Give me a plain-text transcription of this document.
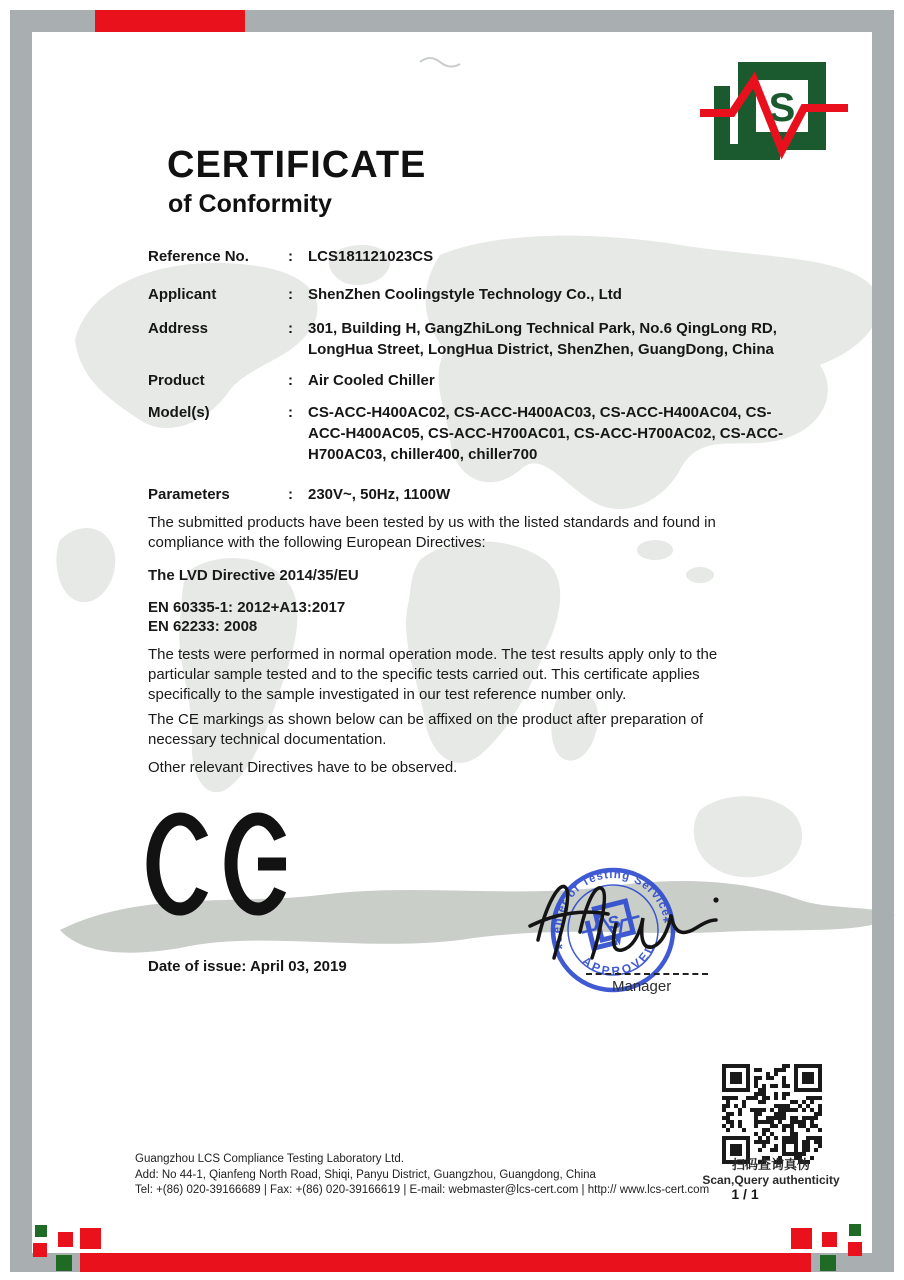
S
CERTIFICATE
of Conformity
Reference No.	:	LCS181121023CS
Applicant	:	ShenZhen Coolingstyle Technology Co., Ltd
Address	:	301, Building H, GangZhiLong Technical Park, No.6 QingLong RD, LongHua Street, LongHua District, ShenZhen, GuangDong, China
Product	:	Air Cooled Chiller
Model(s)	:	CS-ACC-H400AC02, CS-ACC-H400AC03, CS-ACC-H400AC04, CS-ACC-H400AC05, CS-ACC-H700AC01, CS-ACC-H700AC02, CS-ACC-H700AC03, chiller400, chiller700
Parameters	:	230V~, 50Hz, 1100W
The submitted products have been tested by us with the listed standards and found in compliance with the following European Directives:
The LVD Directive 2014/35/EU
EN 60335-1: 2012+A13:2017
EN 62233: 2008
The tests were performed in normal operation mode. The test results apply only to the particular sample tested and to the specific tests carried out. This certificate applies specifically to the sample investigated in our test reference number only.
The CE markings as shown below can be affixed on the product after preparation of necessary technical documentation.
Other relevant Directives have to be observed.
Date of issue: April 03, 2019
Center of Testing Service
APPROVED
*
*
S
Manager
扫码查询真伪
Scan,Query authenticity
1 / 1
Guangzhou LCS Compliance Testing Laboratory Ltd.
Add: No 44-1, Qianfeng North Road, Shiqi, Panyu District, Guangzhou, Guangdong, China
Tel: +(86) 020-39166689 | Fax: +(86) 020-39166619 | E-mail: webmaster@lcs-cert.com | http:// www.lcs-cert.com
